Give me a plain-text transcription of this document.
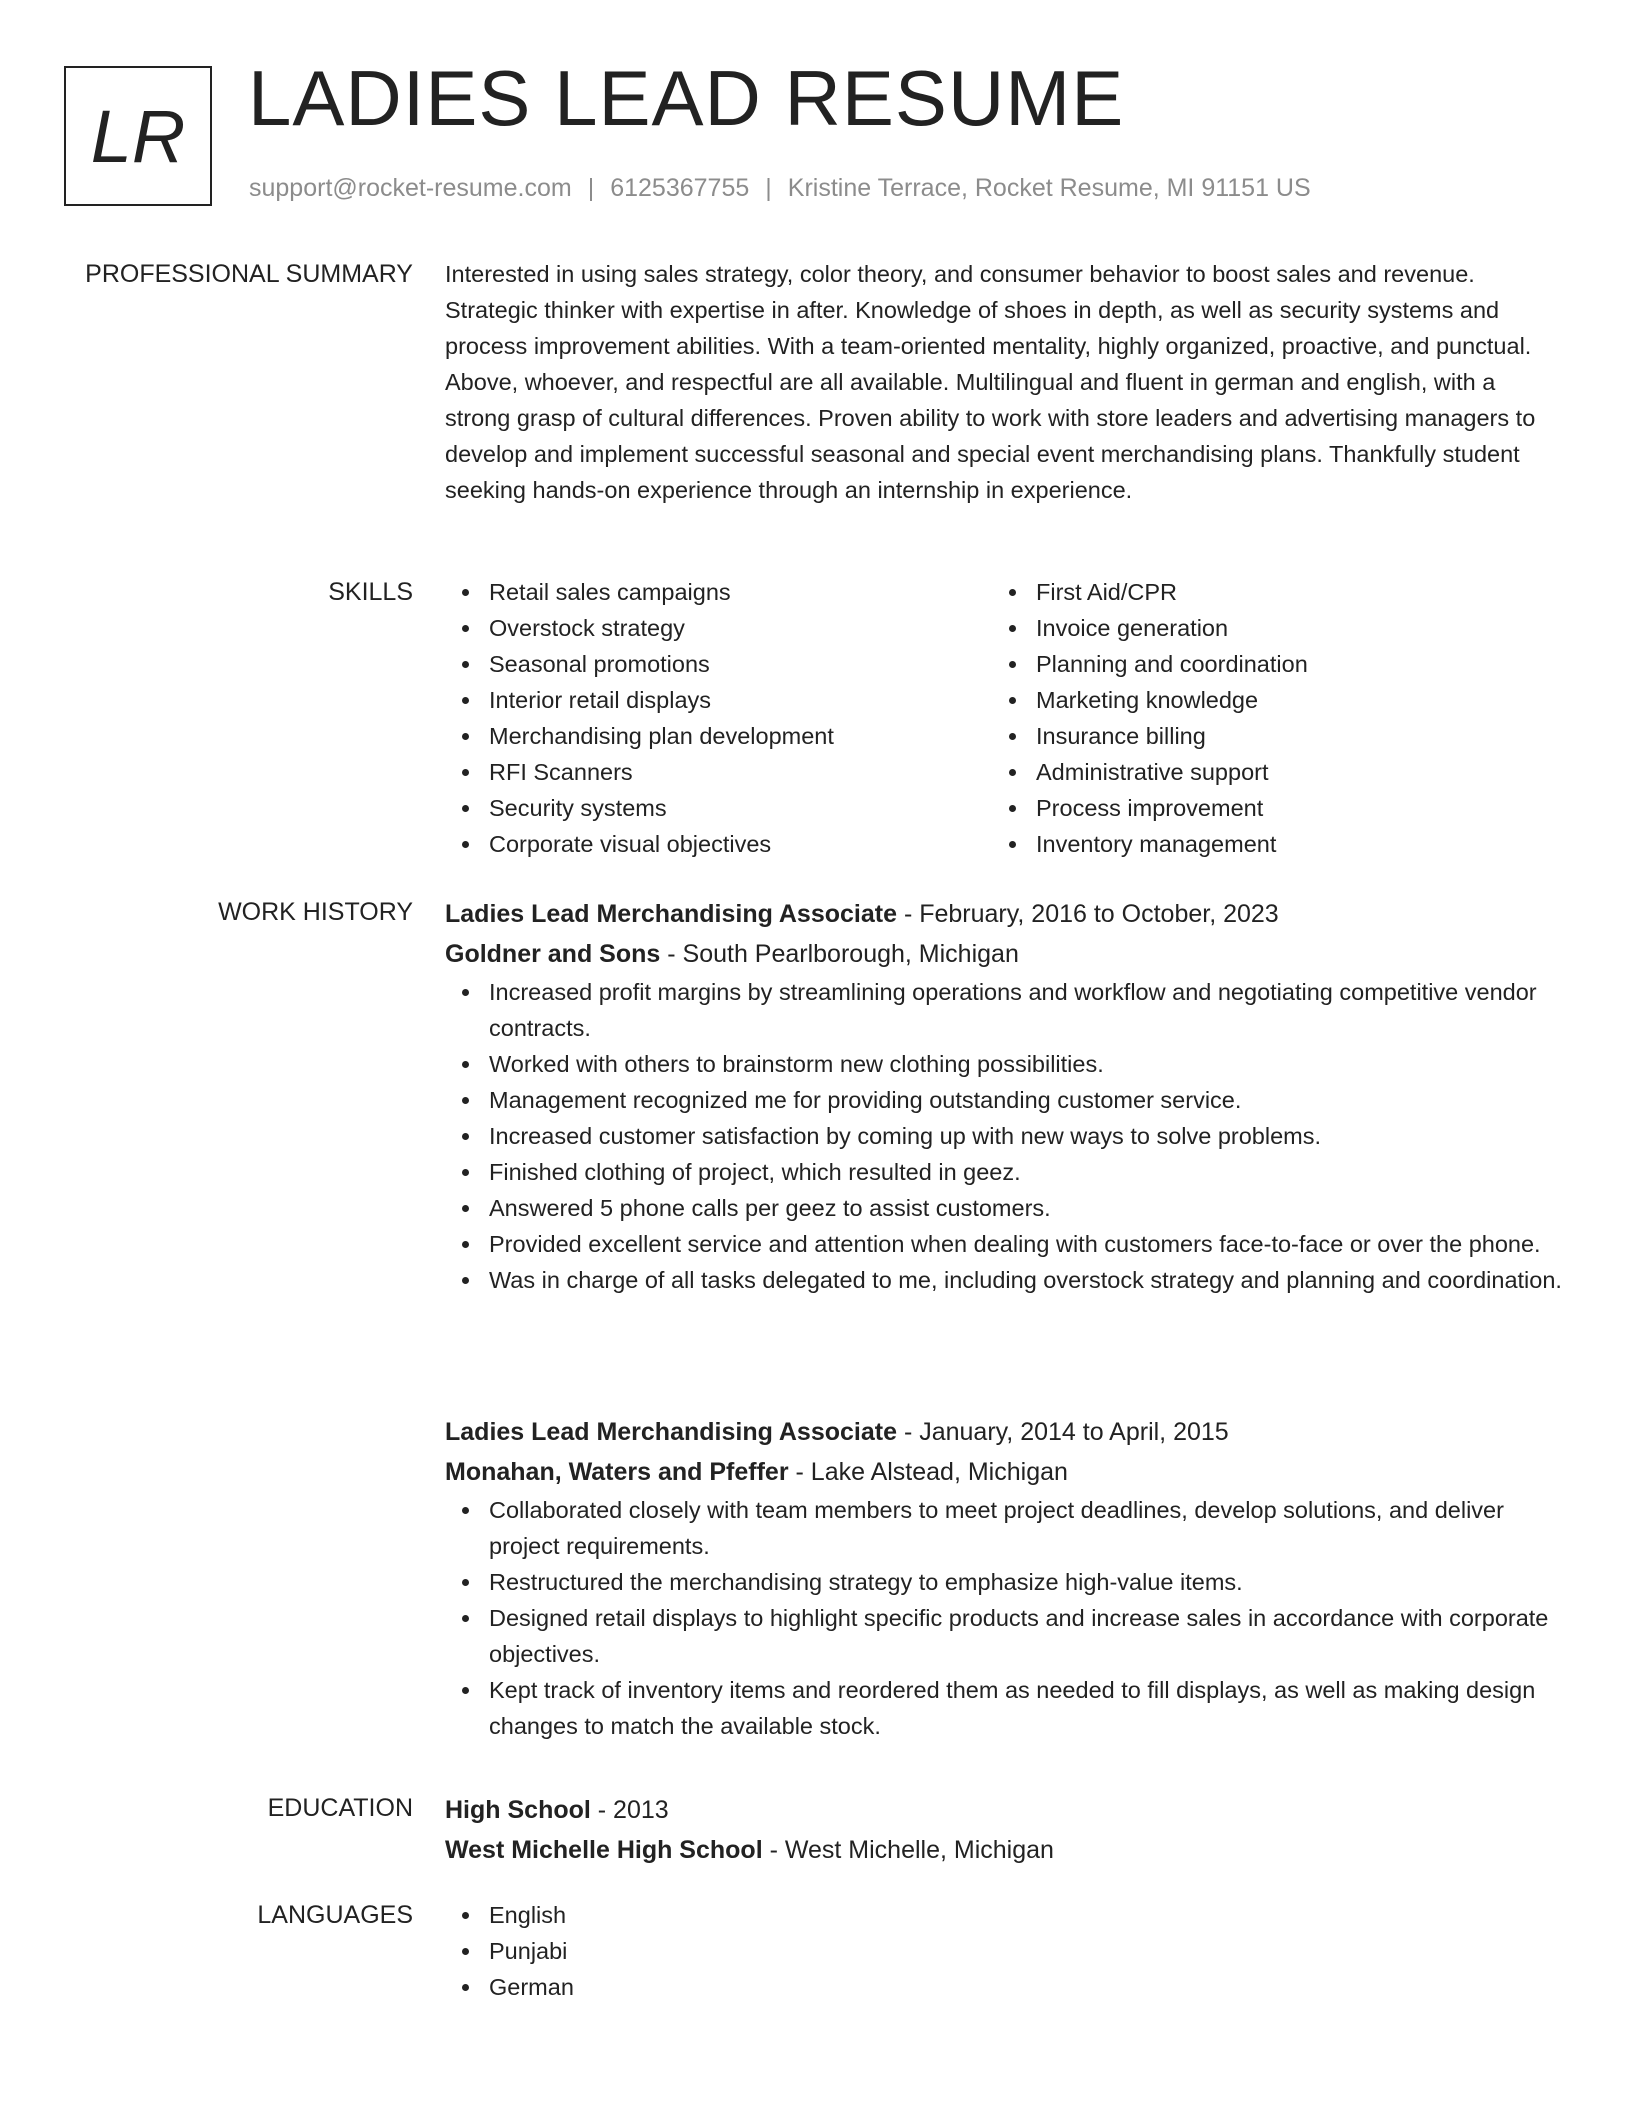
LR LADIES LEAD RESUME
support@rocket-resume.com | 6125367755 | Kristine Terrace, Rocket Resume, MI 91151 US
PROFESSIONAL SUMMARY Interested in using sales strategy, color theory, and consumer behavior to boost sales and revenue. Strategic thinker with expertise in after. Knowledge of shoes in depth, as well as security systems and process improvement abilities. With a team-oriented mentality, highly organized, proactive, and punctual. Above, whoever, and respectful are all available. Multilingual and fluent in german and english, with a strong grasp of cultural differences. Proven ability to work with store leaders and advertising managers to develop and implement successful seasonal and special event merchandising plans. Thankfully student seeking hands-on experience through an internship in experience.

SKILLS	Retail sales campaigns
Overstock strategy
Seasonal promotions
Interior retail displays
Merchandising plan development
RFI Scanners
Security systems
Corporate visual objectives
First Aid/CPR
Invoice generation
Planning and coordination
Marketing knowledge
Insurance billing
Administrative support
Process improvement
Inventory management
WORK HISTORY Ladies Lead Merchandising Associate - February, 2016 to October, 2023
Goldner and Sons - South Pearlborough, Michigan
Increased profit margins by streamlining operations and workflow and negotiating competitive vendor contracts.
Worked with others to brainstorm new clothing possibilities.
Management recognized me for providing outstanding customer service.
Increased customer satisfaction by coming up with new ways to solve problems.
Finished clothing of project, which resulted in geez.
Answered 5 phone calls per geez to assist customers.
Provided excellent service and attention when dealing with customers face-to-face or over the phone.
Was in charge of all tasks delegated to me, including overstock strategy and planning and coordination.
Ladies Lead Merchandising Associate - January, 2014 to April, 2015
Monahan, Waters and Pfeffer - Lake Alstead, Michigan
Collaborated closely with team members to meet project deadlines, develop solutions, and deliver project requirements.
Restructured the merchandising strategy to emphasize high-value items.
Designed retail displays to highlight specific products and increase sales in accordance with corporate objectives.
Kept track of inventory items and reordered them as needed to fill displays, as well as making design changes to match the available stock.
EDUCATION High School - 2013
West Michelle High School - West Michelle, Michigan
LANGUAGES	English
Punjabi
German
